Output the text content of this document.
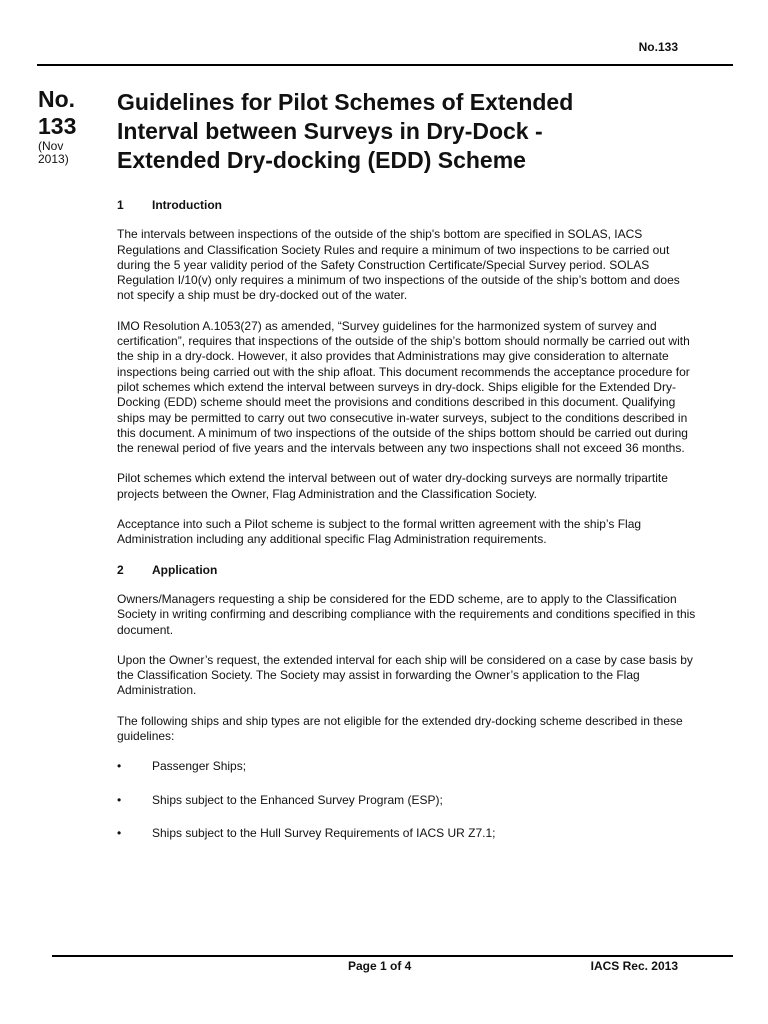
No.133
No.
133
(Nov
2013)
Guidelines for Pilot Schemes of Extended
Interval between Surveys in Dry-Dock -
Extended Dry-docking (EDD) Scheme
1	Introduction

The intervals between inspections of the outside of the ship's bottom are specified in SOLAS, IACS Regulations and Classification Society Rules and require a minimum of two inspections to be carried out during the 5 year validity period of the Safety Construction Certificate/Special Survey period. SOLAS Regulation I/10(v) only requires a minimum of two inspections of the outside of the ship’s bottom and does not specify a ship must be dry-docked out of the water.

IMO Resolution A.1053(27) as amended, “Survey guidelines for the harmonized system of survey and certification”, requires that inspections of the outside of the ship’s bottom should normally be carried out with the ship in a dry-dock. However, it also provides that Administrations may give consideration to alternate inspections being carried out with the ship afloat. This document recommends the acceptance procedure for pilot schemes which extend the interval between surveys in dry-dock. Ships eligible for the Extended Dry-Docking (EDD) scheme should meet the provisions and conditions described in this document. Qualifying ships may be permitted to carry out two consecutive in-water surveys, subject to the conditions described in this document. A minimum of two inspections of the outside of the ships bottom should be carried out during the renewal period of five years and the intervals between any two inspections shall not exceed 36 months.

Pilot schemes which extend the interval between out of water dry-docking surveys are normally tripartite projects between the Owner, Flag Administration and the Classification Society.

Acceptance into such a Pilot scheme is subject to the formal written agreement with the ship’s Flag Administration including any additional specific Flag Administration requirements.

2	Application

Owners/Managers requesting a ship be considered for the EDD scheme, are to apply to the Classification Society in writing confirming and describing compliance with the requirements and conditions specified in this document.

Upon the Owner’s request, the extended interval for each ship will be considered on a case by case basis by the Classification Society. The Society may assist in forwarding the Owner’s application to the Flag Administration.

The following ships and ship types are not eligible for the extended dry-docking scheme described in these guidelines:

•	Passenger Ships;
•	Ships subject to the Enhanced Survey Program (ESP);
•	Ships subject to the Hull Survey Requirements of IACS UR Z7.1;
Page 1 of 4	IACS Rec. 2013
